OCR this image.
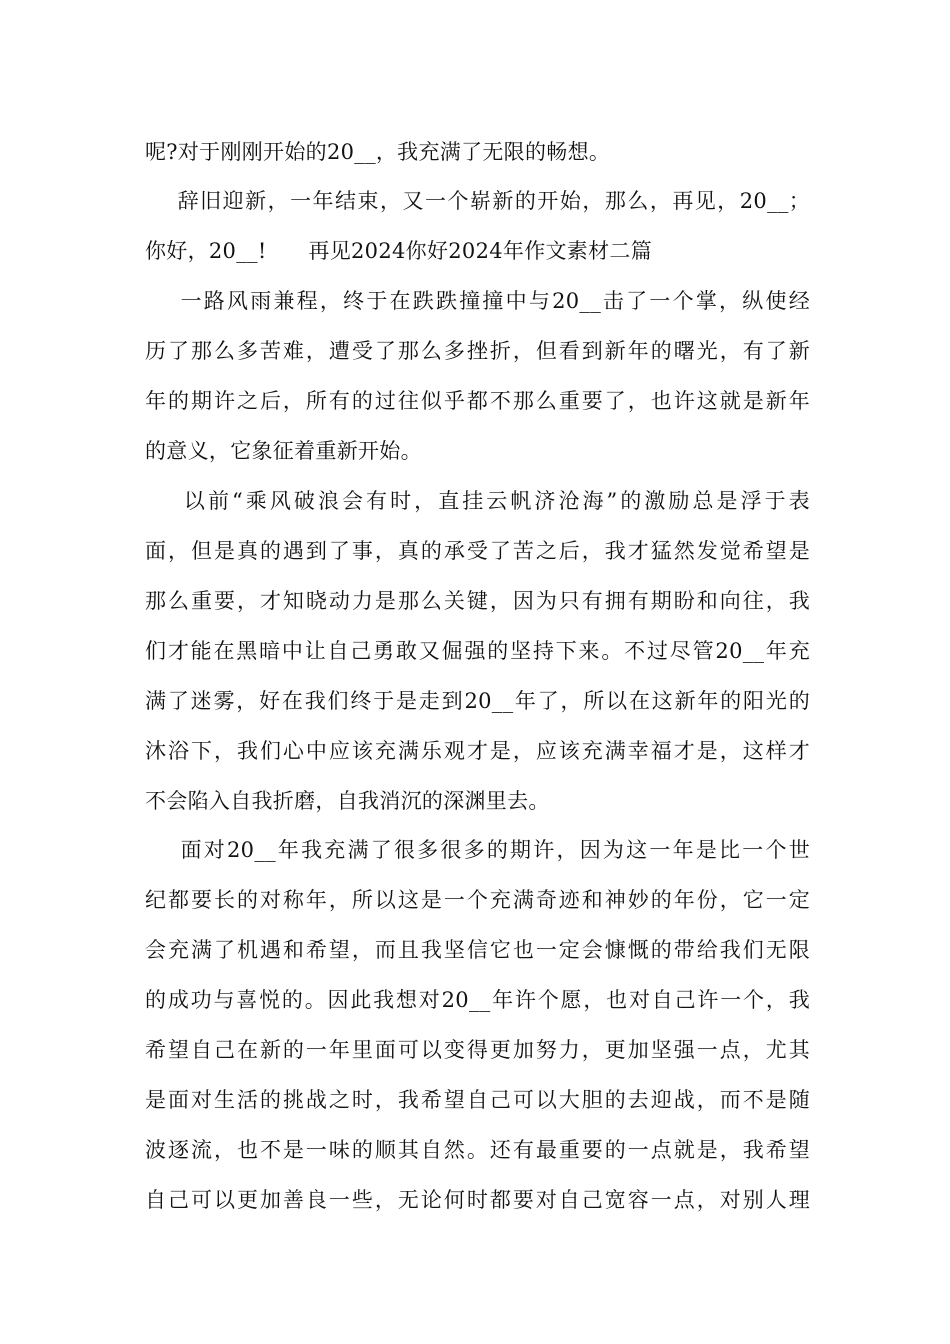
呢?对于刚刚开始的20__，我充满了无限的畅想。
辞旧迎新，一年结束，又一个崭新的开始，那么，再见，20__；
你好，20__!      再见2024你好2024年作文素材二篇
一路风雨兼程，终于在跌跌撞撞中与20__击了一个掌，纵使经
历了那么多苦难，遭受了那么多挫折，但看到新年的曙光，有了新
年的期许之后，所有的过往似乎都不那么重要了，也许这就是新年
的意义，它象征着重新开始。
以前“乘风破浪会有时，直挂云帆济沧海”的激励总是浮于表
面，但是真的遇到了事，真的承受了苦之后，我才猛然发觉希望是
那么重要，才知晓动力是那么关键，因为只有拥有期盼和向往，我
们才能在黑暗中让自己勇敢又倔强的坚持下来。不过尽管20__年充
满了迷雾，好在我们终于是走到20__年了，所以在这新年的阳光的
沐浴下，我们心中应该充满乐观才是，应该充满幸福才是，这样才
不会陷入自我折磨，自我消沉的深渊里去。
面对20__年我充满了很多很多的期许，因为这一年是比一个世
纪都要长的对称年，所以这是一个充满奇迹和神妙的年份，它一定
会充满了机遇和希望，而且我坚信它也一定会慷慨的带给我们无限
的成功与喜悦的。因此我想对20__年许个愿，也对自己许一个，我
希望自己在新的一年里面可以变得更加努力，更加坚强一点，尤其
是面对生活的挑战之时，我希望自己可以大胆的去迎战，而不是随
波逐流，也不是一味的顺其自然。还有最重要的一点就是，我希望
自己可以更加善良一些，无论何时都要对自己宽容一点，对别人理
